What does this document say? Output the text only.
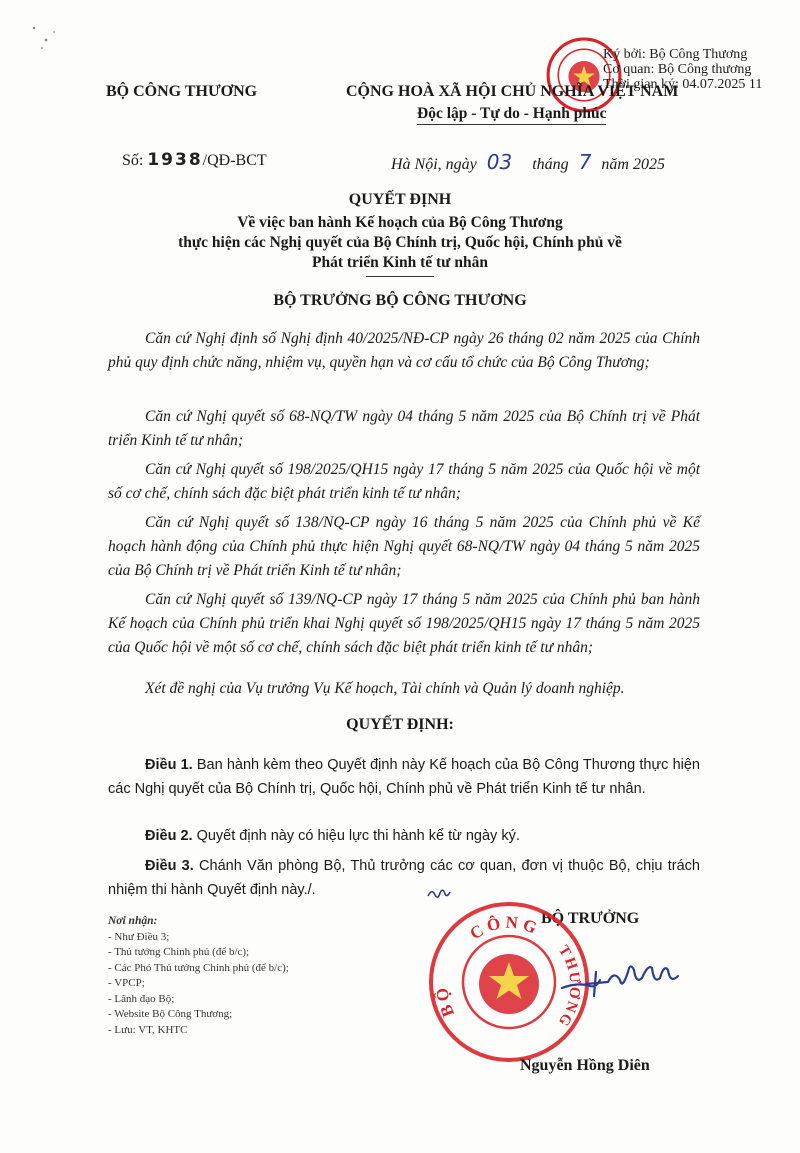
Ký bởi: Bộ Công Thương
Cơ quan: Bộ Công thương
Thời gian ký: 04.07.2025 11
BỘ CÔNG THƯƠNG	CỘNG HOÀ XÃ HỘI CHỦ NGHĨA VIỆT NAM
Độc lập - Tự do - Hạnh phúc
Số: 1938/QĐ-BCT	Hà Nội, ngày 03 tháng 7 năm 2025
QUYẾT ĐỊNH
Về việc ban hành Kế hoạch của Bộ Công Thương
thực hiện các Nghị quyết của Bộ Chính trị, Quốc hội, Chính phủ về
Phát triển Kinh tế tư nhân
BỘ TRƯỞNG BỘ CÔNG THƯƠNG
Căn cứ Nghị định số Nghị định 40/2025/NĐ-CP ngày 26 tháng 02 năm 2025 của Chính phủ quy định chức năng, nhiệm vụ, quyền hạn và cơ cấu tổ chức của Bộ Công Thương;
Căn cứ Nghị quyết số 68-NQ/TW ngày 04 tháng 5 năm 2025 của Bộ Chính trị về Phát triển Kinh tế tư nhân;
Căn cứ Nghị quyết số 198/2025/QH15 ngày 17 tháng 5 năm 2025 của Quốc hội về một số cơ chế, chính sách đặc biệt phát triển kinh tế tư nhân;
Căn cứ Nghị quyết số 138/NQ-CP ngày 16 tháng 5 năm 2025 của Chính phủ về Kế hoạch hành động của Chính phủ thực hiện Nghị quyết 68-NQ/TW ngày 04 tháng 5 năm 2025 của Bộ Chính trị về Phát triển Kinh tế tư nhân;
Căn cứ Nghị quyết số 139/NQ-CP ngày 17 tháng 5 năm 2025 của Chính phủ ban hành Kế hoạch của Chính phủ triển khai Nghị quyết số 198/2025/QH15 ngày 17 tháng 5 năm 2025 của Quốc hội về một số cơ chế, chính sách đặc biệt phát triển kinh tế tư nhân;
Xét đề nghị của Vụ trưởng Vụ Kế hoạch, Tài chính và Quản lý doanh nghiệp.
QUYẾT ĐỊNH:
Điều 1. Ban hành kèm theo Quyết định này Kế hoạch của Bộ Công Thương thực hiện các Nghị quyết của Bộ Chính trị, Quốc hội, Chính phủ về Phát triển Kinh tế tư nhân.
Điều 2. Quyết định này có hiệu lực thi hành kể từ ngày ký.
Điều 3. Chánh Văn phòng Bộ, Thủ trưởng các cơ quan, đơn vị thuộc Bộ, chịu trách nhiệm thi hành Quyết định này./.
Nơi nhận:
- Như Điều 3;
- Thủ tướng Chính phủ (để b/c);
- Các Phó Thủ tướng Chính phủ (để b/c);
- VPCP;
- Lãnh đạo Bộ;
- Website Bộ Công Thương;
- Lưu: VT, KHTC
BỘ TRƯỞNG
CÔNG
BỘ
THƯƠNG
Nguyễn Hồng Diên
